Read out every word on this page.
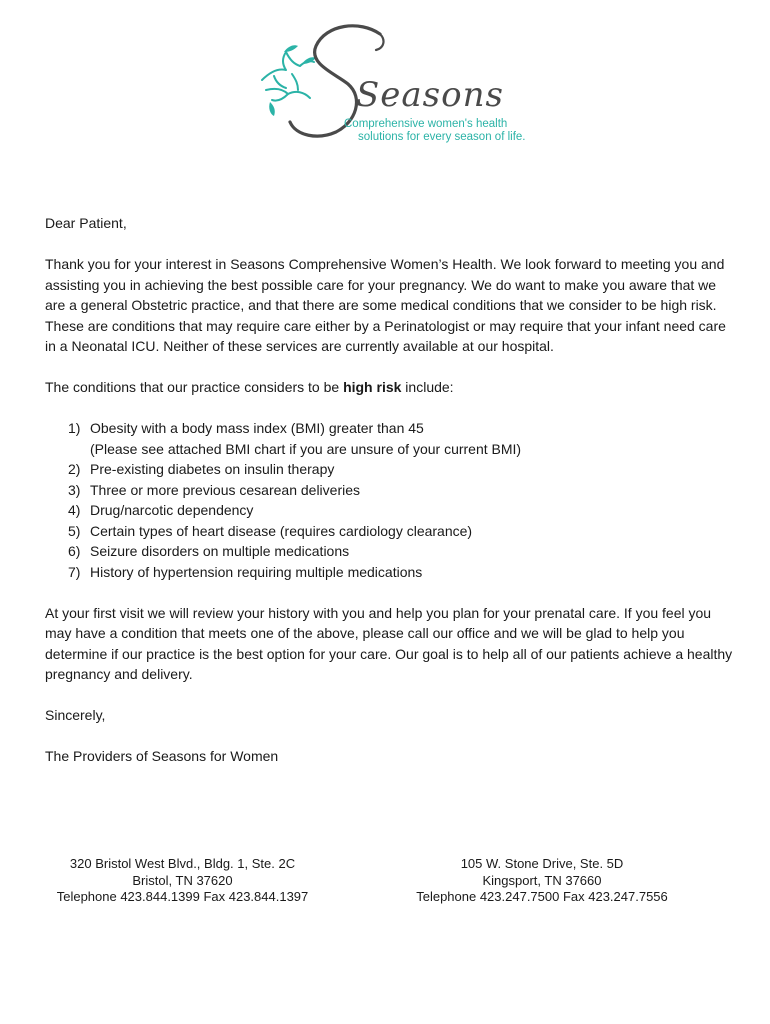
Seasons
Comprehensive women's health
solutions for every season of life.

Dear Patient,

Thank you for your interest in Seasons Comprehensive Women’s Health. We look forward to meeting you and assisting you in achieving the best possible care for your pregnancy. We do want to make you aware that we are a general Obstetric practice, and that there are some medical conditions that we consider to be high risk. These are conditions that may require care either by a Perinatologist or may require that your infant need care in a Neonatal ICU. Neither of these services are currently available at our hospital.

The conditions that our practice considers to be high risk include:

1) Obesity with a body mass index (BMI) greater than 45
(Please see attached BMI chart if you are unsure of your current BMI)
2) Pre-existing diabetes on insulin therapy
3) Three or more previous cesarean deliveries
4) Drug/narcotic dependency
5) Certain types of heart disease (requires cardiology clearance)
6) Seizure disorders on multiple medications
7) History of hypertension requiring multiple medications

At your first visit we will review your history with you and help you plan for your prenatal care. If you feel you may have a condition that meets one of the above, please call our office and we will be glad to help you determine if our practice is the best option for your care. Our goal is to help all of our patients achieve a healthy pregnancy and delivery.

Sincerely,

The Providers of Seasons for Women

320 Bristol West Blvd., Bldg. 1, Ste. 2C
Bristol, TN 37620
Telephone 423.844.1399 Fax 423.844.1397
105 W. Stone Drive, Ste. 5D
Kingsport, TN 37660
Telephone 423.247.7500 Fax 423.247.7556
